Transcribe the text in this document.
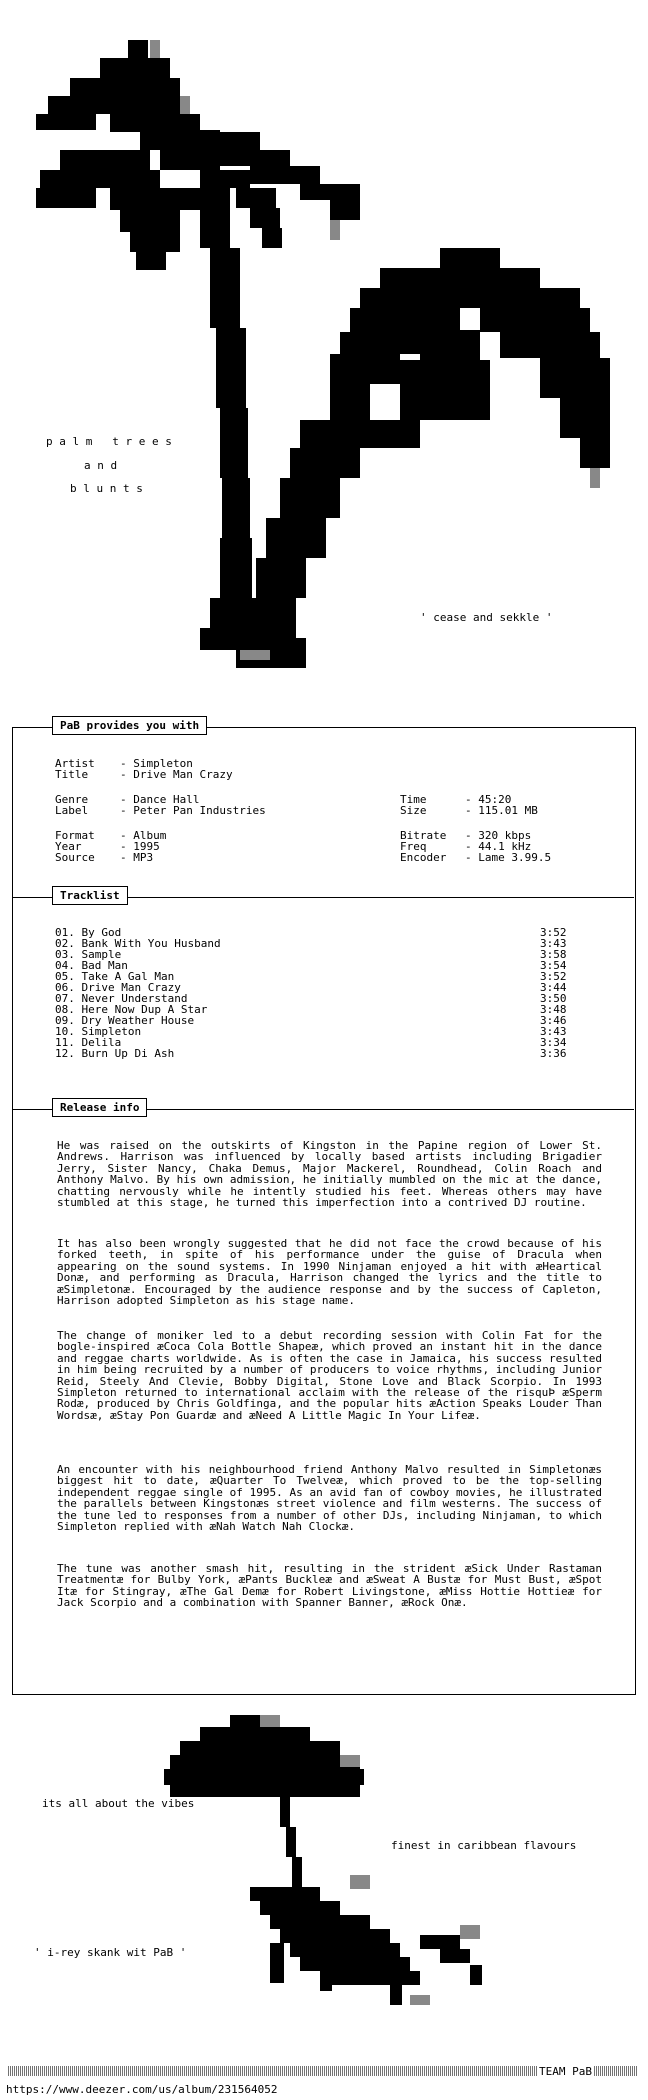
p a l m   t r e e s
a n d
b l u n t s
' cease and sekkle '
PaB provides you with
Artist - Simpleton
Title	- Drive Man Crazy
Genre	- Dance Hall
Label	- Peter Pan Industries
Format - Album
Year	- 1995
Source - MP3
Time	- 45:20
Size	- 115.01 MB
Bitrate - 320 kbps
Freq	- 44.1 kHz
Encoder - Lame 3.99.5
Tracklist
01. By God	3:52
02. Bank With You Husband	3:43
03. Sample	3:58
04. Bad Man	3:54
05. Take A Gal Man	3:52
06. Drive Man Crazy	3:44
07. Never Understand	3:50
08. Here Now Dup A Star	3:48
09. Dry Weather House	3:46
10. Simpleton	3:43
11. Delila	3:34
12. Burn Up Di Ash	3:36
Release info
He was raised on the outskirts of Kingston in the Papine region of Lower St. Andrews. Harrison was influenced by locally based artists including Brigadier Jerry, Sister Nancy, Chaka Demus, Major Mackerel, Roundhead, Colin Roach and Anthony Malvo. By his own admission, he initially mumbled on the mic at the dance, chatting nervously while he intently studied his feet. Whereas others may have stumbled at this stage, he turned this imperfection into a contrived DJ routine.
It has also been wrongly suggested that he did not face the crowd because of his forked teeth, in spite of his performance under the guise of Dracula when appearing on the sound systems. In 1990 Ninjaman enjoyed a hit with æHeartical Donæ, and performing as Dracula, Harrison changed the lyrics and the title to æSimpletonæ. Encouraged by the audience response and by the success of Capleton, Harrison adopted Simpleton as his stage name.
The change of moniker led to a debut recording session with Colin Fat for the bogle-inspired æCoca Cola Bottle Shapeæ, which proved an instant hit in the dance and reggae charts worldwide. As is often the case in Jamaica, his success resulted in him being recruited by a number of producers to voice rhythms, including Junior Reid, Steely And Clevie, Bobby Digital, Stone Love and Black Scorpio. In 1993 Simpleton returned to international acclaim with the release of the risquÞ æSperm Rodæ, produced by Chris Goldfinga, and the popular hits æAction Speaks Louder Than Wordsæ, æStay Pon Guardæ and æNeed A Little Magic In Your Lifeæ.
An encounter with his neighbourhood friend Anthony Malvo resulted in Simpletonæs biggest hit to date, æQuarter To Twelveæ, which proved to be the top-selling independent reggae single of 1995. As an avid fan of cowboy movies, he illustrated the parallels between Kingstonæs street violence and film westerns. The success of the tune led to responses from a number of other DJs, including Ninjaman, to which Simpleton replied with æNah Watch Nah Clockæ.
The tune was another smash hit, resulting in the strident æSick Under Rastaman Treatmentæ for Bulby York, æPants Buckleæ and æSweat A Bustæ for Must Bust, æSpot Itæ for Stingray, æThe Gal Demæ for Robert Livingstone, æMiss Hottie Hottieæ for Jack Scorpio and a combination with Spanner Banner, æRock Onæ.
its all about the vibes
finest in caribbean flavours
' i-rey skank wit PaB '
TEAM PaB
https://www.deezer.com/us/album/231564052
